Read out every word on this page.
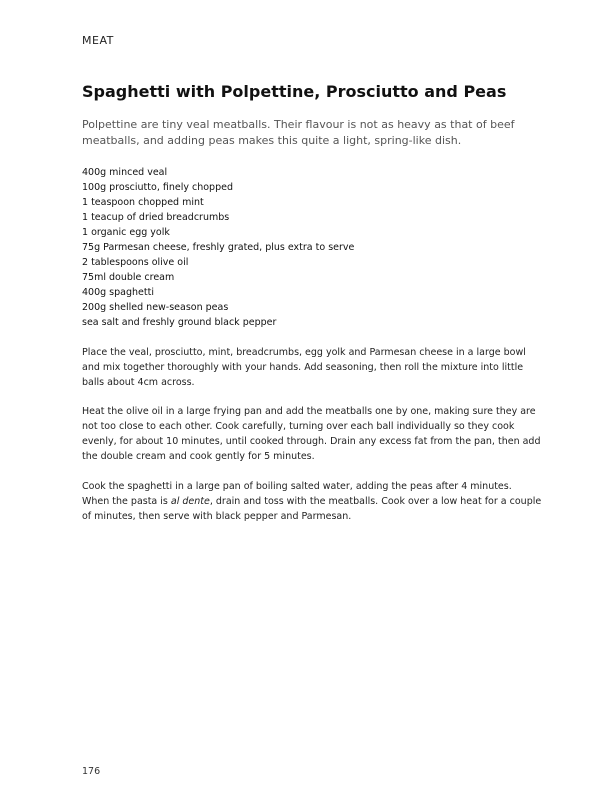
MEAT
Spaghetti with Polpettine, Prosciutto and Peas

Polpettine are tiny veal meatballs. Their flavour is not as heavy as that of beef meatballs, and adding peas makes this quite a light, spring-like dish.

400g minced veal
100g prosciutto, finely chopped
1 teaspoon chopped mint
1 teacup of dried breadcrumbs
1 organic egg yolk
75g Parmesan cheese, freshly grated, plus extra to serve
2 tablespoons olive oil
75ml double cream
400g spaghetti
200g shelled new-season peas
sea salt and freshly ground black pepper

Place the veal, prosciutto, mint, breadcrumbs, egg yolk and Parmesan cheese in a large bowl and mix together thoroughly with your hands. Add seasoning, then roll the mixture into little balls about 4cm across.

Heat the olive oil in a large frying pan and add the meatballs one by one, making sure they are not too close to each other. Cook carefully, turning over each ball individually so they cook evenly, for about 10 minutes, until cooked through. Drain any excess fat from the pan, then add the double cream and cook gently for 5 minutes.

Cook the spaghetti in a large pan of boiling salted water, adding the peas after 4 minutes. When the pasta is al dente, drain and toss with the meatballs. Cook over a low heat for a couple of minutes, then serve with black pepper and Parmesan.

176
